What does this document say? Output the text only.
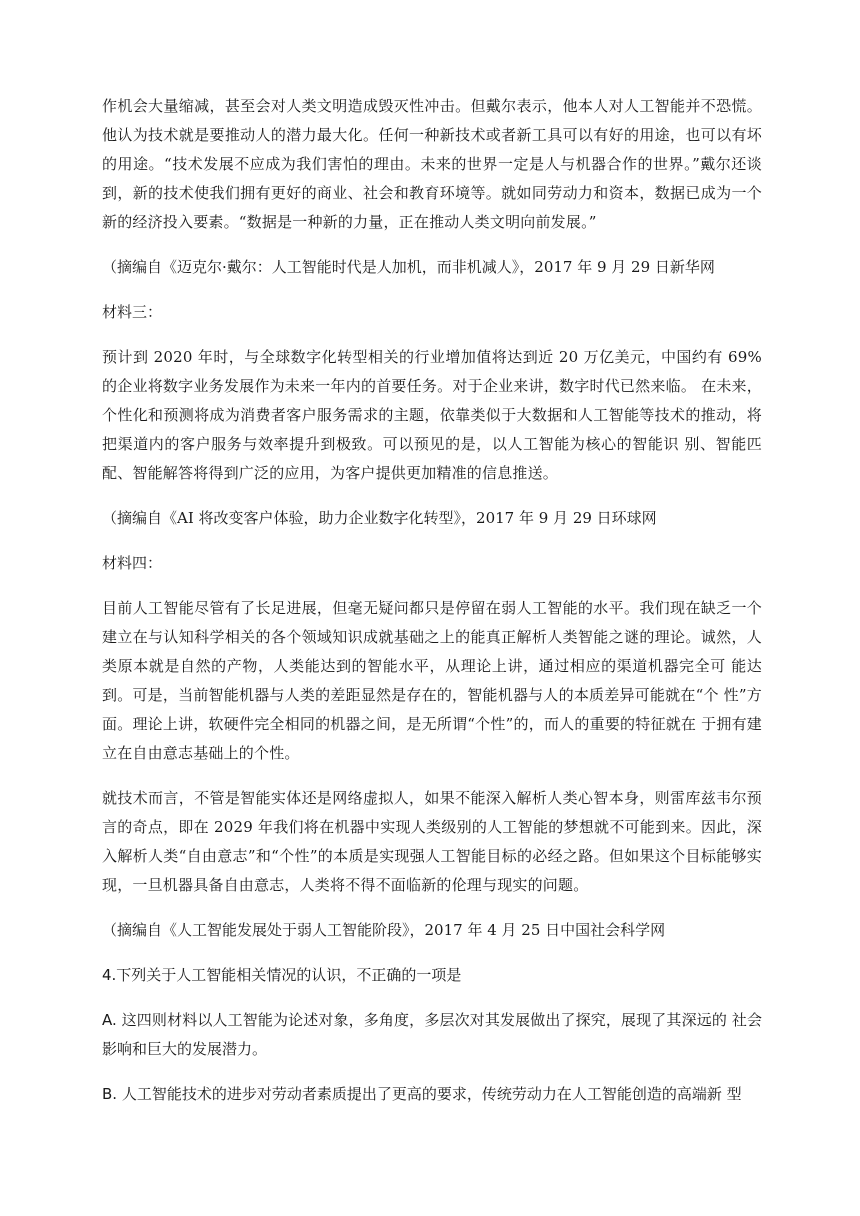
作机会大量缩减，甚至会对人类文明造成毁灭性冲击。但戴尔表示，他本人对人工智能并不恐慌。他认为技术就是要推动人的潜力最大化。任何一种新技术或者新工具可以有好的用途，也可以有坏的用途。“技术发展不应成为我们害怕的理由。未来的世界一定是人与机器合作的世界。”戴尔还谈到，新的技术使我们拥有更好的商业、社会和教育环境等。就如同劳动力和资本，数据已成为一个新的经济投入要素。“数据是一种新的力量，正在推动人类文明向前发展。”

（摘编自《迈克尔·戴尔：人工智能时代是人加机，而非机减人》，2017 年 9 月 29 日新华网

材料三：

预计到 2020 年时，与全球数字化转型相关的行业增加值将达到近 20 万亿美元，中国约有 69%的企业将数字业务发展作为未来一年内的首要任务。对于企业来讲，数字时代已然来临。 在未来，个性化和预测将成为消费者客户服务需求的主题，依靠类似于大数据和人工智能等技术的推动，将把渠道内的客户服务与效率提升到极致。可以预见的是，以人工智能为核心的智能识 别、智能匹配、智能解答将得到广泛的应用，为客户提供更加精准的信息推送。

（摘编自《AI 将改变客户体验，助力企业数字化转型》，2017 年 9 月 29 日环球网

材料四：

目前人工智能尽管有了长足进展，但毫无疑问都只是停留在弱人工智能的水平。我们现在缺乏一个建立在与认知科学相关的各个领域知识成就基础之上的能真正解析人类智能之谜的理论。诚然，人类原本就是自然的产物，人类能达到的智能水平，从理论上讲，通过相应的渠道机器完全可 能达到。可是，当前智能机器与人类的差距显然是存在的，智能机器与人的本质差异可能就在“个 性”方面。理论上讲，软硬件完全相同的机器之间，是无所谓“个性”的，而人的重要的特征就在 于拥有建立在自由意志基础上的个性。

就技术而言，不管是智能实体还是网络虚拟人，如果不能深入解析人类心智本身，则雷库兹韦尔预言的奇点，即在 2029 年我们将在机器中实现人类级别的人工智能的梦想就不可能到来。因此，深入解析人类“自由意志”和“个性”的本质是实现强人工智能目标的必经之路。但如果这个目标能够实现，一旦机器具备自由意志，人类将不得不面临新的伦理与现实的问题。

（摘编自《人工智能发展处于弱人工智能阶段》，2017 年 4 月 25 日中国社会科学网

4.下列关于人工智能相关情况的认识，不正确的一项是

A. 这四则材料以人工智能为论述对象，多角度，多层次对其发展做出了探究，展现了其深远的 社会影响和巨大的发展潜力。

B. 人工智能技术的进步对劳动者素质提出了更高的要求，传统劳动力在人工智能创造的高端新 型
